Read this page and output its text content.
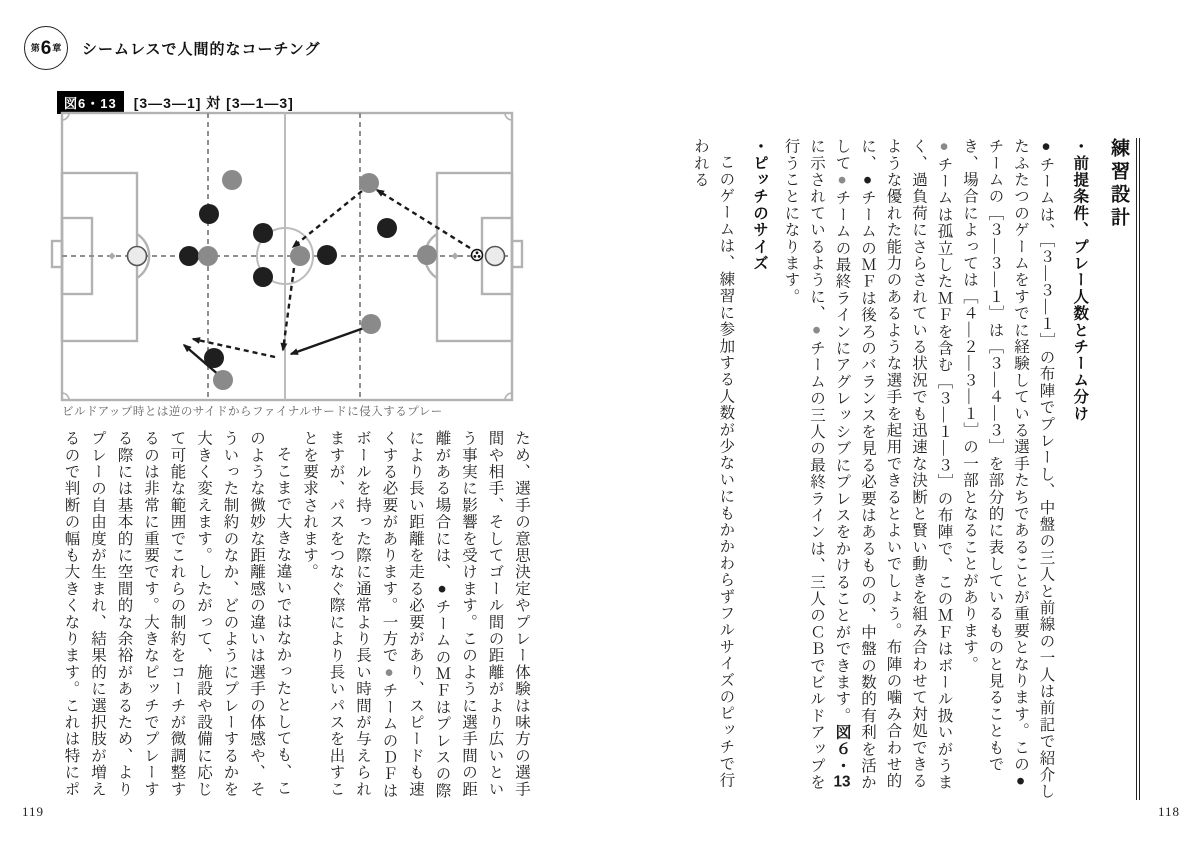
第 6 章 シームレスで人間的なコーチング
図6・13	[3—3—1] 対 [3—1—3]
ビルドアップ時とは逆のサイドからファイナルサードに侵入するプレー
練習設計
・前提条件、プレー人数とチーム分け

●チームは、［３―３―１］の布陣でプレーし、中盤の三人と前線の一人は前記で紹介したふたつのゲームをすでに経験している選手たちであることが重要となります。この●チームの［３―３―１］は［３―４―３］を部分的に表しているものと見ることもでき、場合によっては［４―２―３―１］の一部となることがあります。

●チームは孤立したＭＦを含む［３―１―３］の布陣で、このＭＦはボール扱いがうまく、過負荷にさらされている状況でも迅速な決断と賢い動きを組み合わせて対処できるような優れた能力のあるような選手を起用できるとよいでしょう。布陣の噛み合わせ的に、●チームのＭＦは後ろのバランスを見る必要はあるものの、中盤の数的有利を活かして●チームの最終ラインにアグレッシブにプレスをかけることができます。図６・13に示されているように、●チームの三人の最終ラインは、三人のＣＢでビルドアップを行うことになります。

・ピッチのサイズ

このゲームは、練習に参加する人数が少ないにもかかわらずフルサイズのピッチで行われる

ため、選手の意思決定やプレー体験は味方の選手間や相手、そしてゴール間の距離がより広いという事実に影響を受けます。このように選手間の距離がある場合には、●チームのＭＦはプレスの際により長い距離を走る必要があり、スピードも速くする必要があります。一方で●チームのＤＦはボールを持った際に通常より長い時間が与えられますが、パスをつなぐ際により長いパスを出すことを要求されます。

そこまで大きな違いではなかったとしても、このような微妙な距離感の違いは選手の体感や、そういった制約のなか、どのようにプレーするかを大きく変えます。したがって、施設や設備に応じて可能な範囲でこれらの制約をコーチが微調整するのは非常に重要です。大きなピッチでプレーする際には基本的に空間的な余裕があるため、よりプレーの自由度が生まれ、結果的に選択肢が増えるので判断の幅も大きくなります。これは特にポ

119	118
